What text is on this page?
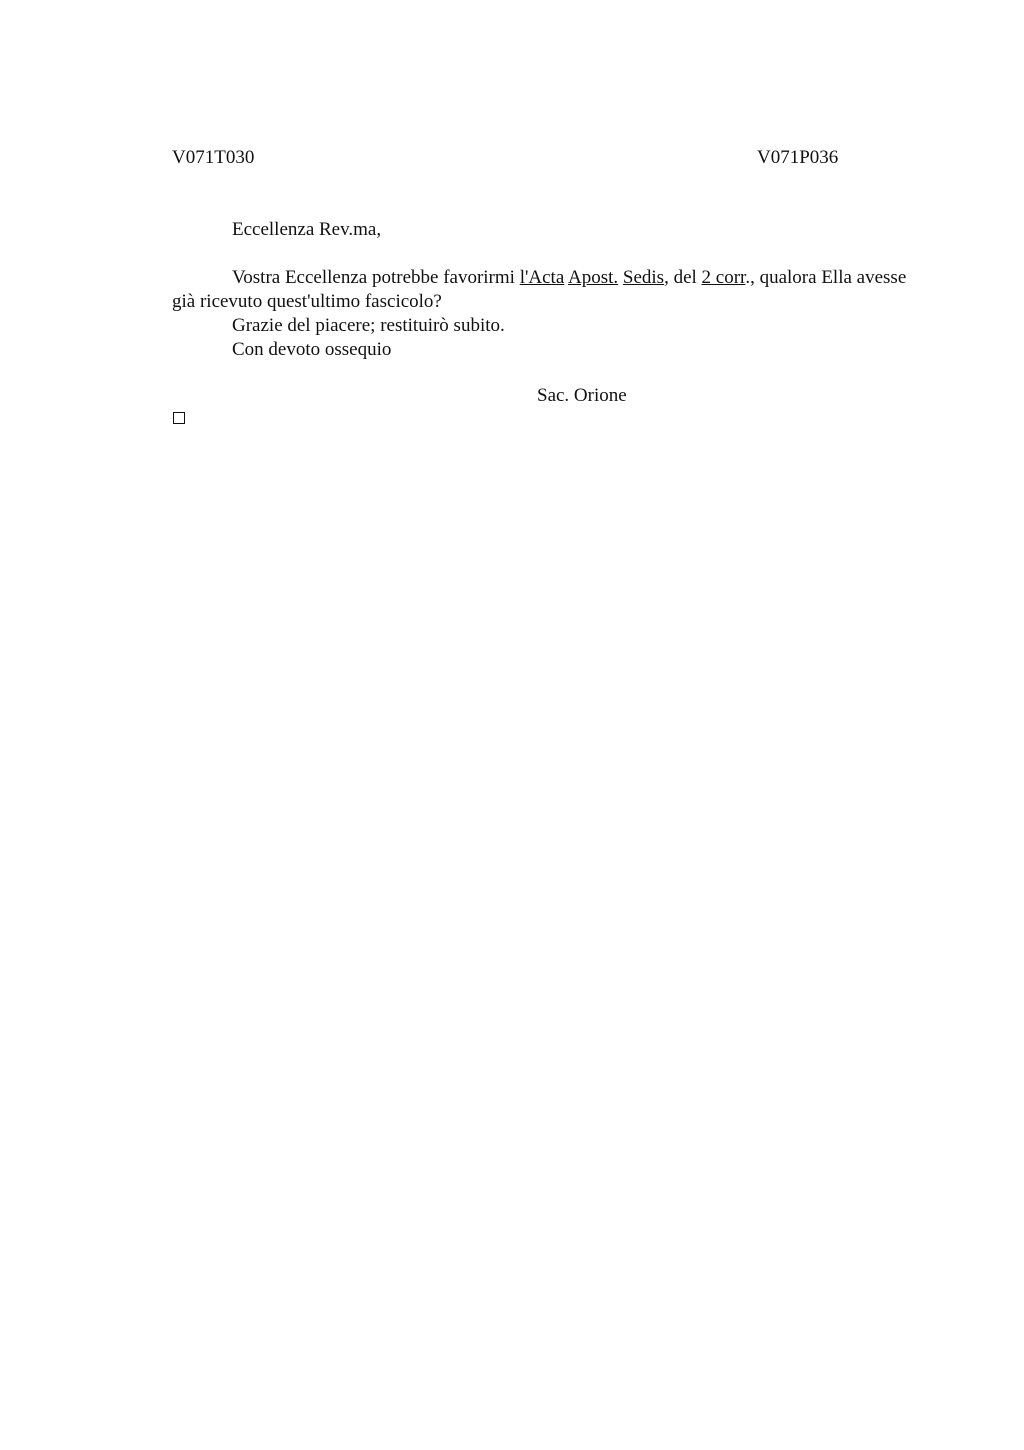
V071T030	V071P036

Eccellenza Rev.ma,

Vostra Eccellenza potrebbe favorirmi l'Acta Apost. Sedis, del 2 corr., qualora Ella avesse già ricevuto quest'ultimo fascicolo?

Grazie del piacere; restituirò subito.

Con devoto ossequio

Sac. Orione
